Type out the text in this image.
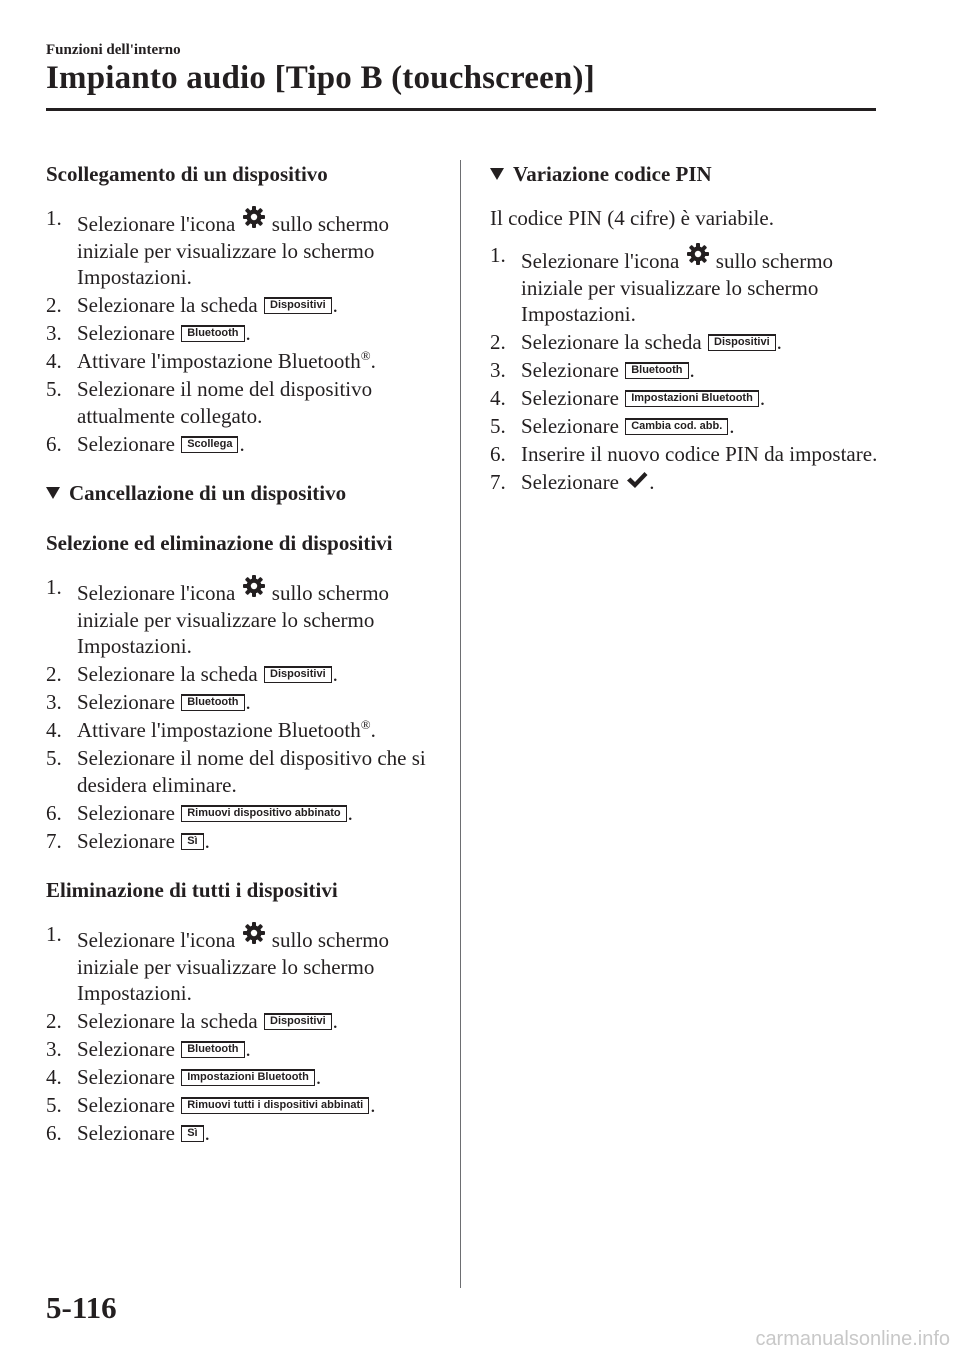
Funzioni dell'interno
Impianto audio [Tipo B (touchscreen)]
Scollegamento di un dispositivo
1. Selezionare l'icona sullo schermo iniziale per visualizzare lo schermo Impostazioni.
2. Selezionare la scheda Dispositivi .
3. Selezionare Bluetooth .
4. Attivare l'impostazione Bluetooth®.
5. Selezionare il nome del dispositivo attualmente collegato.
6. Selezionare Scollega .
Cancellazione di un dispositivo
Selezione ed eliminazione di dispositivi
1. Selezionare l'icona sullo schermo iniziale per visualizzare lo schermo Impostazioni.
2. Selezionare la scheda Dispositivi .
3. Selezionare Bluetooth .
4. Attivare l'impostazione Bluetooth®.
5. Selezionare il nome del dispositivo che si desidera eliminare.
6. Selezionare Rimuovi dispositivo abbinato .
7. Selezionare Sì .
Eliminazione di tutti i dispositivi
1. Selezionare l'icona sullo schermo iniziale per visualizzare lo schermo Impostazioni.
2. Selezionare la scheda Dispositivi .
3. Selezionare Bluetooth .
4. Selezionare Impostazioni Bluetooth .
5. Selezionare Rimuovi tutti i dispositivi abbinati .
6. Selezionare Sì .
Variazione codice PIN

Il codice PIN (4 cifre) è variabile.

1. Selezionare l'icona sullo schermo iniziale per visualizzare lo schermo Impostazioni.
2. Selezionare la scheda Dispositivi .
3. Selezionare Bluetooth .
4. Selezionare Impostazioni Bluetooth .
5. Selezionare Cambia cod. abb. .
6. Inserire il nuovo codice PIN da impostare.
7. Selezionare .
5-116
carmanualsonline.info
